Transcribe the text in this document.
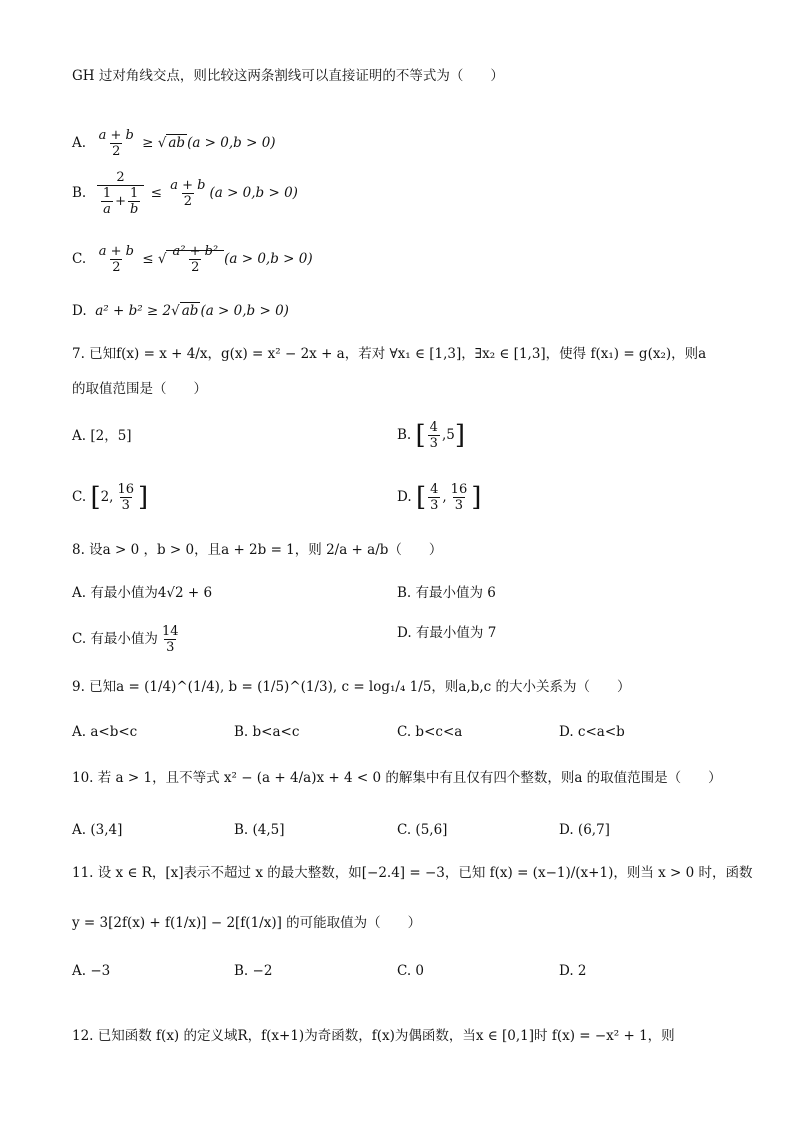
GH 过对角线交点，则比较这两条割线可以直接证明的不等式为（　　）
A. $\frac{a + b}{2}$ ≥ √ ab (a > 0,b > 0)
B. $\frac{2}{\frac{1}{a} + \frac{1}{b}} \le \frac{a + b}{2} (a > 0,b > 0)$
C. $\frac{a + b}{2}$ ≤ √ $\frac{\text{a² + b²}}{2} (a > 0,b > 0)$
D. a² + b² ≥ 2√ ab (a > 0,b > 0)
7. 已知f(x) = x + 4/x，g(x) = x² − 2x + a，若对 ∀x₁ ∈ [1,3]，∃x₂ ∈ [1,3]，使得 f(x₁) = g(x₂)，则a
的取值范围是（　　）
A. [2，5]	B. [ $\frac{4}{3} ,5$]
C. [2, $\frac{16}{3}$ ]	D. [ $\frac{4}{3}$ , $\frac{16}{3}$ ]
8. 设a > 0 ，b > 0，且a + 2b = 1，则 2/a + a/b（　　）
A. 有最小值为4√2 + 6	B. 有最小值为 6
C. 有最小值为 $\frac{14}{3}$	D. 有最小值为 7
9. 已知a = (1/4)^(1/4), b = (1/5)^(1/3), c = log₁/₄ 1/5，则a,b,c 的大小关系为（　　）
A. a<b<c	B. b<a<c	C. b<c<a	D. c<a<b
10. 若 a > 1，且不等式 x² − (a + 4/a)x + 4 < 0 的解集中有且仅有四个整数，则a 的取值范围是（　　）
A. (3,4]	B. (4,5]	C. (5,6]	D. (6,7]
11. 设 x ∈ R，[x]表示不超过 x 的最大整数，如[−2.4] = −3，已知 f(x) = (x−1)/(x+1)，则当 x > 0 时，函数
y = 3[2f(x) + f(1/x)] − 2[f(1/x)] 的可能取值为（　　）
A. −3	B. −2	C. 0	D. 2
12. 已知函数 f(x) 的定义域R，f(x+1)为奇函数，f(x)为偶函数，当x ∈ [0,1]时 f(x) = −x² + 1，则
